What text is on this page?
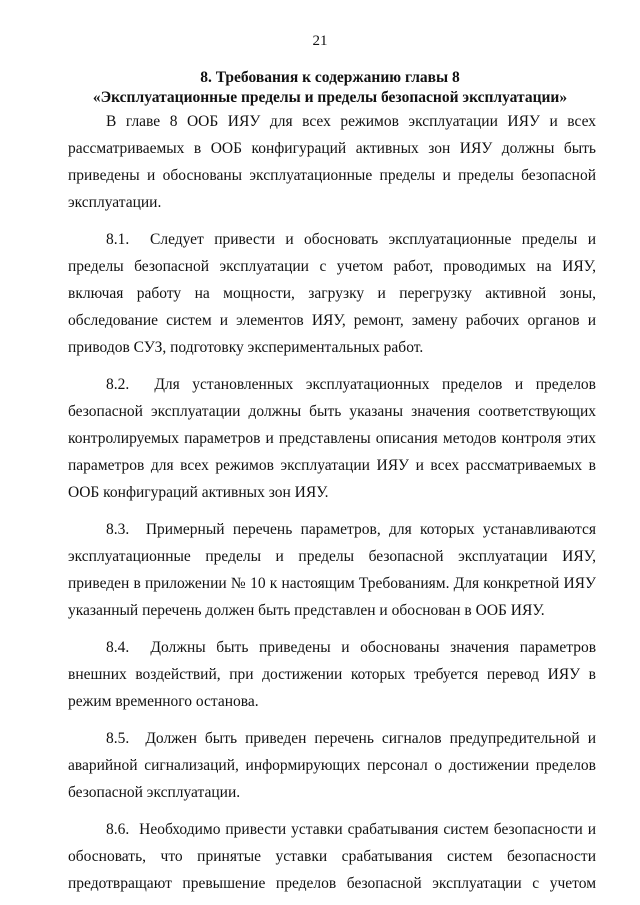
21
8. Требования к содержанию главы 8
«Эксплуатационные пределы и пределы безопасной эксплуатации»

В главе 8 ООБ ИЯУ для всех режимов эксплуатации ИЯУ и всех рассматриваемых в ООБ конфигураций активных зон ИЯУ должны быть приведены и обоснованы эксплуатационные пределы и пределы безопасной эксплуатации.

8.1. Следует привести и обосновать эксплуатационные пределы и пределы безопасной эксплуатации с учетом работ, проводимых на ИЯУ, включая работу на мощности, загрузку и перегрузку активной зоны, обследование систем и элементов ИЯУ, ремонт, замену рабочих органов и приводов СУЗ, подготовку экспериментальных работ.

8.2. Для установленных эксплуатационных пределов и пределов безопасной эксплуатации должны быть указаны значения соответствующих контролируемых параметров и представлены описания методов контроля этих параметров для всех режимов эксплуатации ИЯУ и всех рассматриваемых в ООБ конфигураций активных зон ИЯУ.

8.3. Примерный перечень параметров, для которых устанавливаются эксплуатационные пределы и пределы безопасной эксплуатации ИЯУ, приведен в приложении № 10 к настоящим Требованиям. Для конкретной ИЯУ указанный перечень должен быть представлен и обоснован в ООБ ИЯУ.

8.4. Должны быть приведены и обоснованы значения параметров внешних воздействий, при достижении которых требуется перевод ИЯУ в режим временного останова.

8.5. Должен быть приведен перечень сигналов предупредительной и аварийной сигнализаций, информирующих персонал о достижении пределов безопасной эксплуатации.

8.6. Необходимо привести уставки срабатывания систем безопасности и обосновать, что принятые уставки срабатывания систем безопасности предотвращают превышение пределов безопасной эксплуатации с учетом
